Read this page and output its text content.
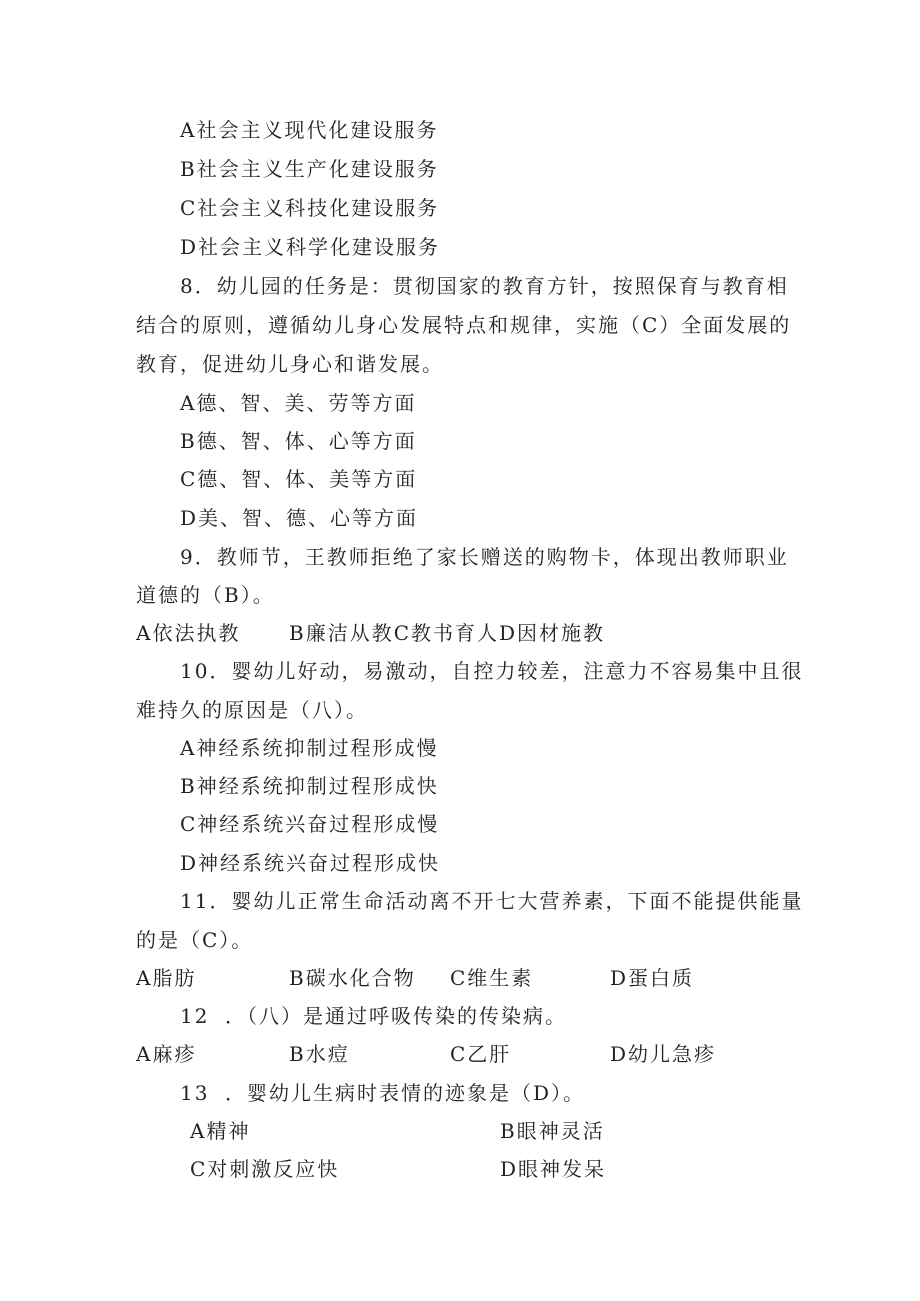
A社会主义现代化建设服务
B社会主义生产化建设服务
C社会主义科技化建设服务
D社会主义科学化建设服务
8．幼儿园的任务是：贯彻国家的教育方针，按照保育与教育相
结合的原则，遵循幼儿身心发展特点和规律，实施（C）全面发展的
教育，促进幼儿身心和谐发展。
A德、智、美、劳等方面
B德、智、体、心等方面
C德、智、体、美等方面
D美、智、德、心等方面
9．教师节，王教师拒绝了家长赠送的购物卡，体现出教师职业
道德的（B）。
A依法执教 B廉洁从教C教书育人D因材施教
10．婴幼儿好动，易激动，自控力较差，注意力不容易集中且很
难持久的原因是（八）。
A神经系统抑制过程形成慢
B神经系统抑制过程形成快
C神经系统兴奋过程形成慢
D神经系统兴奋过程形成快
11．婴幼儿正常生命活动离不开七大营养素，下面不能提供能量
的是（C）。
A脂肪	B碳水化合物 C维生素	D蛋白质
12 ．（八）是通过呼吸传染的传染病。
A麻疹	B水痘	C乙肝	D幼儿急疹
13 ．婴幼儿生病时表情的迹象是（D）。
A精神	B眼神灵活
C对刺激反应快	D眼神发呆
